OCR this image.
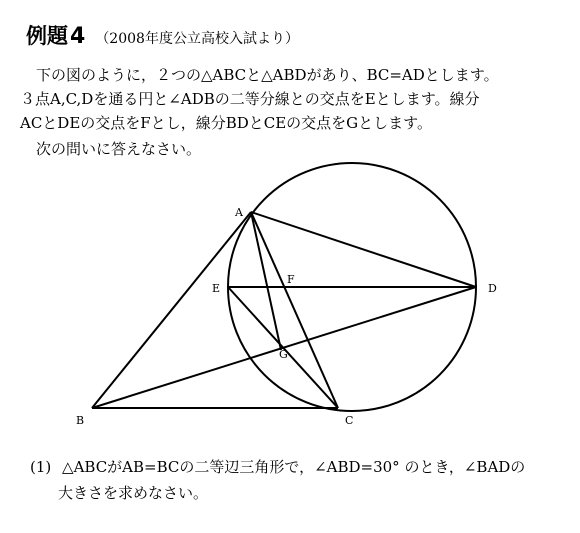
例題 4 （2008年度公立高校入試より）
下の図のように，２つの△ABCと△ABDがあり、BC=ADとします。
３点A,C,Dを通る円と∠ADBの二等分線との交点をEとします。線分
ACとDEの交点をFとし，線分BDとCEの交点をGとします。
次の問いに答えなさい。
A
B	C
D
E
F
G
(1) △ABCがAB=BCの二等辺三角形で，∠ABD=30° のとき，∠BADの
大きさを求めなさい。
